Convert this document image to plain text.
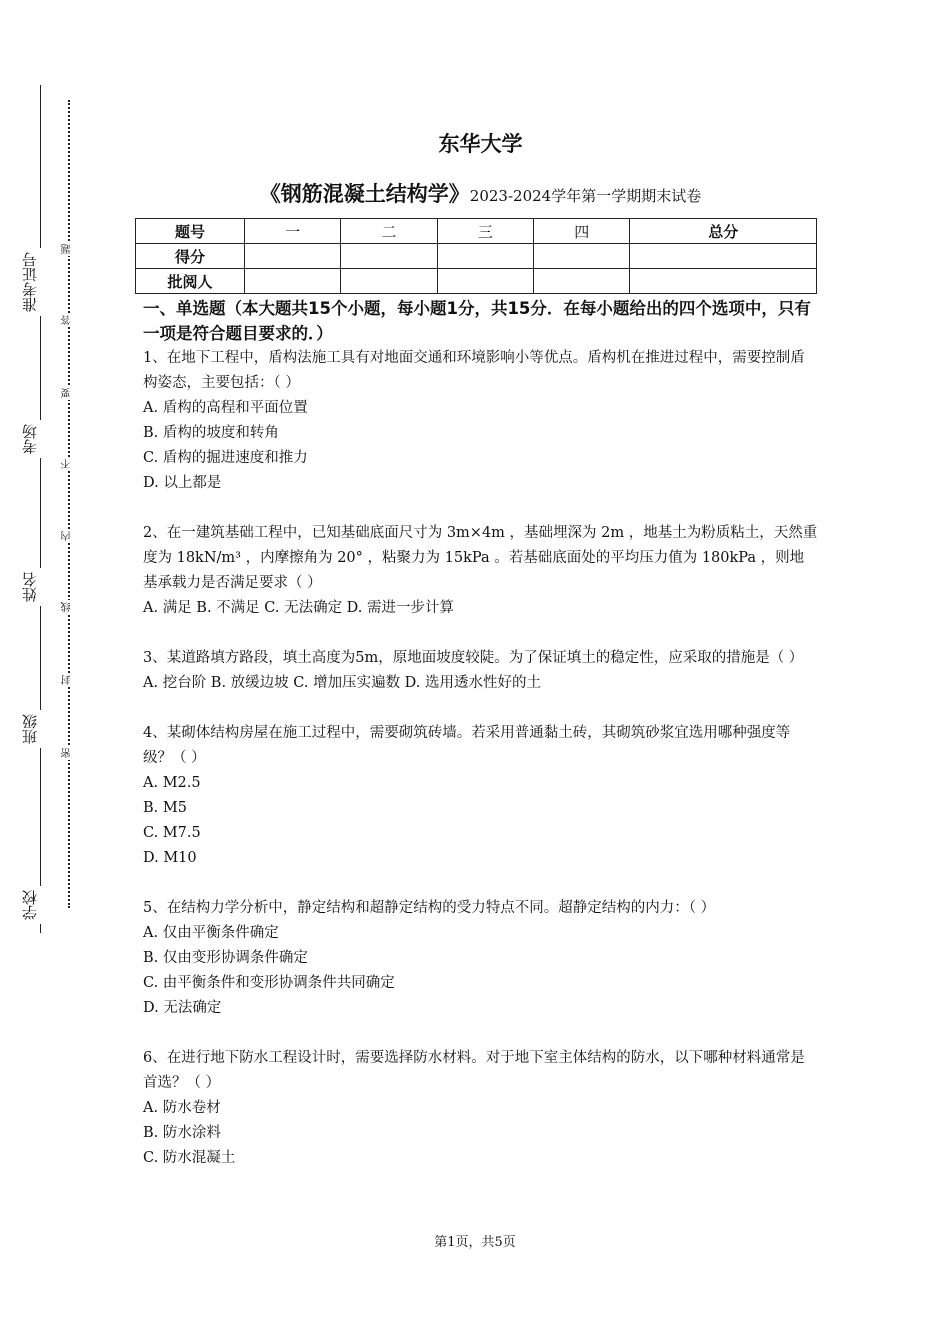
准考证号
考场
姓名
班级
学校
题
答
要
不
内
线
封
密
东华大学
《钢筋混凝土结构学》2023-2024学年第一学期期末试卷
题号	一	二	三	四	总分
得分					
批阅人					
一、单选题（本大题共15个小题，每小题1分，共15分．在每小题给出的四个选项中，只有一项是符合题目要求的．）

1、在地下工程中，盾构法施工具有对地面交通和环境影响小等优点。盾构机在推进过程中，需要控制盾构姿态，主要包括：（ ）

A. 盾构的高程和平面位置

B. 盾构的坡度和转角

C. 盾构的掘进速度和推力

D. 以上都是

2、在一建筑基础工程中，已知基础底面尺寸为 3m×4m ，基础埋深为 2m ，地基土为粉质粘土，天然重度为 18kN/m³ ，内摩擦角为 20° ，粘聚力为 15kPa 。若基础底面处的平均压力值为 180kPa ，则地基承载力是否满足要求（ ）

A. 满足 B. 不满足 C. 无法确定 D. 需进一步计算

3、某道路填方路段，填土高度为5m，原地面坡度较陡。为了保证填土的稳定性，应采取的措施是（ ）

A. 挖台阶 B. 放缓边坡 C. 增加压实遍数 D. 选用透水性好的土

4、某砌体结构房屋在施工过程中，需要砌筑砖墙。若采用普通黏土砖，其砌筑砂浆宜选用哪种强度等级？（ ）

A. M2.5

B. M5

C. M7.5

D. M10

5、在结构力学分析中，静定结构和超静定结构的受力特点不同。超静定结构的内力：（ ）

A. 仅由平衡条件确定

B. 仅由变形协调条件确定

C. 由平衡条件和变形协调条件共同确定

D. 无法确定

6、在进行地下防水工程设计时，需要选择防水材料。对于地下室主体结构的防水，以下哪种材料通常是首选？（ ）

A. 防水卷材

B. 防水涂料

C. 防水混凝土

第1页，共5页
